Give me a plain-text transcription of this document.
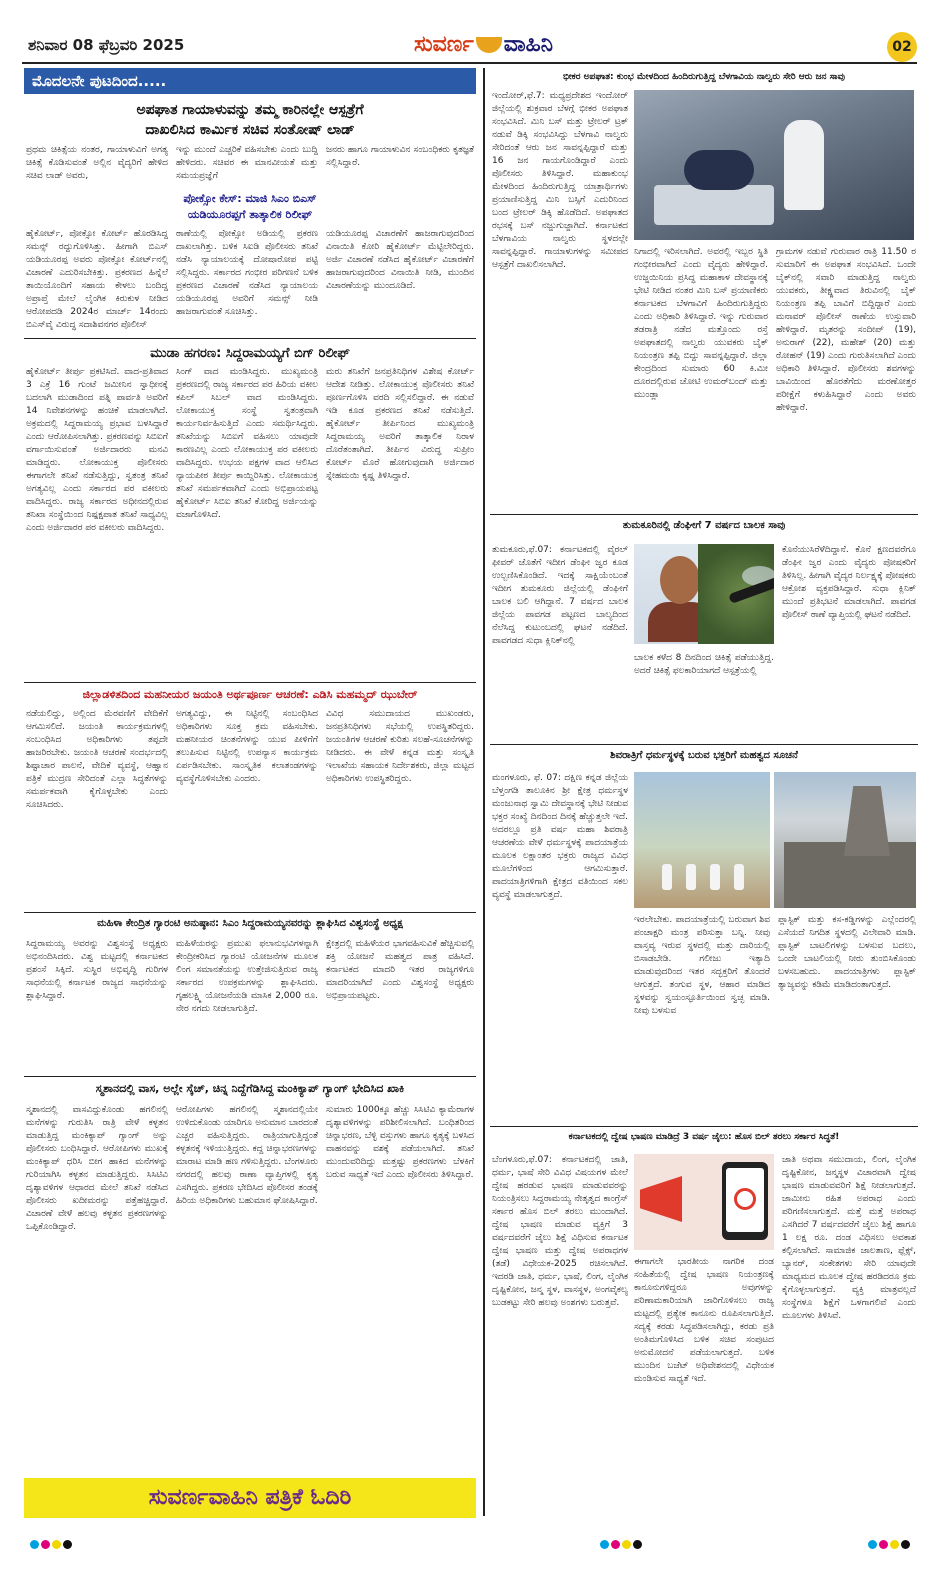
ಶನಿವಾರ 08 ಫೆಬ್ರವರಿ 2025	ಸುವರ್ಣ ವಾಹಿನಿ	02
ಮೊದಲನೇ ಪುಟದಿಂದ.....
ಅಪಘಾತ ಗಾಯಾಳುವನ್ನು ತಮ್ಮ ಕಾರಿನಲ್ಲೇ ಆಸ್ಪತ್ರೆಗೆ
ದಾಖಲಿಸಿದ ಕಾರ್ಮಿಕ ಸಚಿವ ಸಂತೋಷ್ ಲಾಡ್
ಪ್ರಥಮ ಚಿಕಿತ್ಸೆಯ ನಂತರ, ಗಾಯಾಳುವಿಗೆ ಅಗತ್ಯ ಚಿಕಿತ್ಸೆ ಕೊಡಿಸುವಂತೆ ಅಲ್ಲಿನ ವೈದ್ಯರಿಗೆ ಹೇಳಿದ ಸಚಿವ ಲಾಡ್ ಅವರು,
ಇನ್ನು ಮುಂದೆ ಎಚ್ಚರಿಕೆ ವಹಿಸಬೇಕು ಎಂದು ಬುದ್ದಿ ಹೇಳಿದರು. ಸಚಿವರ ಈ ಮಾನವೀಯತೆ ಮತ್ತು ಸಮಯಪ್ರಜ್ಞೆಗೆ
ಜನರು ಹಾಗೂ ಗಾಯಾಳುವಿನ ಸಂಬಂಧಿಕರು ಕೃತಜ್ಞತೆ ಸಲ್ಲಿಸಿದ್ದಾರೆ.
ಪೋಕ್ಸೋ ಕೇಸ್: ಮಾಜಿ ಸಿಎಂ ಬಿಎಸ್
ಯಡಿಯೂರಪ್ಪಗೆ ತಾತ್ಕಾಲಿಕ ರಿಲೀಫ್
ಹೈಕೋರ್ಟ್, ಪೋಕ್ಸೋ ಕೋರ್ಟ್ ಹೊರಡಿಸಿದ್ದ ಸಮನ್ಸ್ ರದ್ದುಗೊಳಿಸಿತ್ತು. ಹೀಗಾಗಿ ಬಿಎಸ್ ಯಡಿಯೂರಪ್ಪ ಅವರು ಪೋಕ್ಸೋ ಕೋರ್ಟ್‌ನಲ್ಲಿ ವಿಚಾರಣೆ ಎದುರಿಸಬೇಕಿತ್ತು. ಪ್ರಕರಣದ ಹಿನ್ನೆಲೆ ತಾಯಿಯೊಂದಿಗೆ ಸಹಾಯ ಕೇಳಲು ಬಂದಿದ್ದ ಅಪ್ರಾಪ್ತೆ ಮೇಲೆ ಲೈಂಗಿಕ ಕಿರುಕುಳ ನೀಡಿದ ಆರೋಪದಡಿ 2024ರ ಮಾರ್ಚ್ 14ರಂದು ಬಿಎಸ್‌ವೈ ವಿರುದ್ಧ ಸದಾಶಿವನಗರ ಪೊಲೀಸ್
ಠಾಣೆಯಲ್ಲಿ ಪೋಕ್ಸೋ ಅಡಿಯಲ್ಲಿ ಪ್ರಕರಣ ದಾಖಲಾಗಿತ್ತು. ಬಳಿಕ ಸಿಐಡಿ ಪೊಲೀಸರು ತನಿಖೆ ನಡೆಸಿ ನ್ಯಾಯಾಲಯಕ್ಕೆ ದೋಷಾರೋಪ ಪಟ್ಟಿ ಸಲ್ಲಿಸಿದ್ದರು. ಸರ್ಕಾರದ ಗಂಭೀರ ಪರಿಗಣನೆ ಬಳಿಕ ಪ್ರಕರಣದ ವಿಚಾರಣೆ ನಡೆಸಿದ ನ್ಯಾಯಾಲಯ ಯಡಿಯೂರಪ್ಪ ಅವರಿಗೆ ಸಮನ್ಸ್ ನೀಡಿ ಹಾಜರಾಗುವಂತೆ ಸೂಚಿಸಿತ್ತು.
ಯಡಿಯೂರಪ್ಪ ವಿಚಾರಣೆಗೆ ಹಾಜರಾಗುವುದರಿಂದ ವಿನಾಯಿತಿ ಕೋರಿ ಹೈಕೋರ್ಟ್ ಮೆಟ್ಟಿಲೇರಿದ್ದರು. ಅರ್ಜಿ ವಿಚಾರಣೆ ನಡೆಸಿದ ಹೈಕೋರ್ಟ್ ವಿಚಾರಣೆಗೆ ಹಾಜರಾಗುವುದರಿಂದ ವಿನಾಯಿತಿ ನೀಡಿ, ಮುಂದಿನ ವಿಚಾರಣೆಯನ್ನು ಮುಂದೂಡಿದೆ.
ಮುಡಾ ಹಗರಣ: ಸಿದ್ದರಾಮಯ್ಯಗೆ ಬಿಗ್ ರಿಲೀಫ್
ಹೈಕೋರ್ಟ್ ತೀರ್ಪು ಪ್ರಕಟಿಸಿದೆ. ವಾದ-ಪ್ರತಿವಾದ 3 ಎಕ್ರೆ 16 ಗುಂಟೆ ಜಮೀನಿನ ಸ್ವಾಧೀನಕ್ಕೆ ಬದಲಾಗಿ ಮುಡಾದಿಂದ ಪತ್ನಿ ಪಾರ್ವತಿ ಅವರಿಗೆ 14 ನಿವೇಶನಗಳನ್ನು ಹಂಚಿಕೆ ಮಾಡಲಾಗಿದೆ. ಅಕ್ರಮದಲ್ಲಿ ಸಿದ್ದರಾಮಯ್ಯ ಪ್ರಭಾವ ಬಳಸಿದ್ದಾರೆ ಎಂದು ಆರೋಪಿಸಲಾಗಿತ್ತು. ಪ್ರಕರಣವನ್ನು ಸಿಬಿಐಗೆ ವರ್ಗಾಯಿಸುವಂತೆ ಅರ್ಜಿದಾರರು ಮನವಿ ಮಾಡಿದ್ದರು. ಲೋಕಾಯುಕ್ತ ಪೊಲೀಸರು ಈಗಾಗಲೇ ತನಿಖೆ ನಡೆಸುತ್ತಿದ್ದು, ಸ್ವತಂತ್ರ ತನಿಖೆ ಅಗತ್ಯವಿಲ್ಲ ಎಂದು ಸರ್ಕಾರದ ಪರ ವಕೀಲರು ವಾದಿಸಿದ್ದರು. ರಾಜ್ಯ ಸರ್ಕಾರದ ಅಧೀನದಲ್ಲಿರುವ ತನಿಖಾ ಸಂಸ್ಥೆಯಿಂದ ನಿಷ್ಪಕ್ಷಪಾತ ತನಿಖೆ ಸಾಧ್ಯವಿಲ್ಲ ಎಂದು ಅರ್ಜಿದಾರರ ಪರ ವಕೀಲರು ವಾದಿಸಿದ್ದರು.
ಸಿಂಗ್ ವಾದ ಮಂಡಿಸಿದ್ದರು. ಮುಖ್ಯಮಂತ್ರಿ ಪ್ರಕರಣದಲ್ಲಿ ರಾಜ್ಯ ಸರ್ಕಾರದ ಪರ ಹಿರಿಯ ವಕೀಲ ಕಪಿಲ್ ಸಿಬಲ್ ವಾದ ಮಂಡಿಸಿದ್ದರು. ಲೋಕಾಯುಕ್ತ ಸಂಸ್ಥೆ ಸ್ವತಂತ್ರವಾಗಿ ಕಾರ್ಯನಿರ್ವಹಿಸುತ್ತಿದೆ ಎಂದು ಸಮರ್ಥಿಸಿದ್ದರು. ತನಿಖೆಯನ್ನು ಸಿಬಿಐಗೆ ವಹಿಸಲು ಯಾವುದೇ ಕಾರಣವಿಲ್ಲ ಎಂದು ಲೋಕಾಯುಕ್ತ ಪರ ವಕೀಲರು ವಾದಿಸಿದ್ದರು. ಉಭಯ ಪಕ್ಷಗಳ ವಾದ ಆಲಿಸಿದ ನ್ಯಾಯಪೀಠ ತೀರ್ಪು ಕಾಯ್ದಿರಿಸಿತ್ತು. ಲೋಕಾಯುಕ್ತ ತನಿಖೆ ಸಮರ್ಪಕವಾಗಿದೆ ಎಂದು ಅಭಿಪ್ರಾಯಪಟ್ಟ ಹೈಕೋರ್ಟ್ ಸಿಬಿಐ ತನಿಖೆ ಕೋರಿದ್ದ ಅರ್ಜಿಯನ್ನು ವಜಾಗೊಳಿಸಿದೆ.
ಮರು ತನಿಖೆಗೆ ಜನಪ್ರತಿನಿಧಿಗಳ ವಿಶೇಷ ಕೋರ್ಟ್ ಆದೇಶ ನೀಡಿತ್ತು. ಲೋಕಾಯುಕ್ತ ಪೊಲೀಸರು ತನಿಖೆ ಪೂರ್ಣಗೊಳಿಸಿ ವರದಿ ಸಲ್ಲಿಸಲಿದ್ದಾರೆ. ಈ ನಡುವೆ ಇಡಿ ಕೂಡ ಪ್ರಕರಣದ ತನಿಖೆ ನಡೆಸುತ್ತಿದೆ. ಹೈಕೋರ್ಟ್ ತೀರ್ಪಿನಿಂದ ಮುಖ್ಯಮಂತ್ರಿ ಸಿದ್ದರಾಮಯ್ಯ ಅವರಿಗೆ ತಾತ್ಕಾಲಿಕ ನಿರಾಳ ದೊರೆತಂತಾಗಿದೆ. ತೀರ್ಪಿನ ವಿರುದ್ಧ ಸುಪ್ರೀಂ ಕೋರ್ಟ್ ಮೊರೆ ಹೋಗುವುದಾಗಿ ಅರ್ಜಿದಾರ ಸ್ನೇಹಮಯಿ ಕೃಷ್ಣ ತಿಳಿಸಿದ್ದಾರೆ.
ಜಿಲ್ಲಾಡಳಿತದಿಂದ ಮಹನೀಯರ ಜಯಂತಿ ಅರ್ಥಪೂರ್ಣ ಆಚರಣೆ: ಎಡಿಸಿ ಮಹಮ್ಮದ್ ಝುಬೇರ್
ನಡೆಯಲಿದ್ದು, ಅಲ್ಲಿಂದ ಮೆರವಣಿಗೆ ವೇದಿಕೆಗೆ ಆಗಮಿಸಲಿದೆ. ಜಯಂತಿ ಕಾರ್ಯಕ್ರಮಗಳಲ್ಲಿ ಸಂಬಂಧಿಸಿದ ಅಧಿಕಾರಿಗಳು ತಪ್ಪದೇ ಹಾಜರಿರಬೇಕು. ಜಯಂತಿ ಆಚರಣೆ ಸಂದರ್ಭದಲ್ಲಿ ಶಿಷ್ಟಾಚಾರ ಪಾಲನೆ, ವೇದಿಕೆ ವ್ಯವಸ್ಥೆ, ಆಹ್ವಾನ ಪತ್ರಿಕೆ ಮುದ್ರಣ ಸೇರಿದಂತೆ ಎಲ್ಲಾ ಸಿದ್ಧತೆಗಳನ್ನು ಸಮರ್ಪಕವಾಗಿ ಕೈಗೊಳ್ಳಬೇಕು ಎಂದು ಸೂಚಿಸಿದರು.
ಅಗತ್ಯವಿದ್ದು, ಈ ನಿಟ್ಟಿನಲ್ಲಿ ಸಂಬಂಧಿಸಿದ ಅಧಿಕಾರಿಗಳು ಸೂಕ್ತ ಕ್ರಮ ವಹಿಸಬೇಕು. ಮಹನೀಯರ ಚಿಂತನೆಗಳನ್ನು ಯುವ ಪೀಳಿಗೆಗೆ ತಲುಪಿಸುವ ನಿಟ್ಟಿನಲ್ಲಿ ಉಪನ್ಯಾಸ ಕಾರ್ಯಕ್ರಮ ಏರ್ಪಡಿಸಬೇಕು. ಸಾಂಸ್ಕೃತಿಕ ಕಲಾತಂಡಗಳನ್ನು ವ್ಯವಸ್ಥೆಗೊಳಿಸಬೇಕು ಎಂದರು.
ವಿವಿಧ ಸಮುದಾಯದ ಮುಖಂಡರು, ಜನಪ್ರತಿನಿಧಿಗಳು ಸಭೆಯಲ್ಲಿ ಉಪಸ್ಥಿತರಿದ್ದರು. ಜಯಂತಿಗಳ ಆಚರಣೆ ಕುರಿತು ಸಲಹೆ-ಸೂಚನೆಗಳನ್ನು ನೀಡಿದರು. ಈ ವೇಳೆ ಕನ್ನಡ ಮತ್ತು ಸಂಸ್ಕೃತಿ ಇಲಾಖೆಯ ಸಹಾಯಕ ನಿರ್ದೇಶಕರು, ಜಿಲ್ಲಾ ಮಟ್ಟದ ಅಧಿಕಾರಿಗಳು ಉಪಸ್ಥಿತರಿದ್ದರು.
ಮಹಿಳಾ ಕೇಂದ್ರಿತ ಗ್ಯಾರಂಟಿ ಅನುಷ್ಠಾನ: ಸಿಎಂ ಸಿದ್ದರಾಮಯ್ಯನವರನ್ನು ಶ್ಲಾಘಿಸಿದ ವಿಶ್ವಸಂಸ್ಥೆ ಅಧ್ಯಕ್ಷ
ಸಿದ್ದರಾಮಯ್ಯ ಅವರನ್ನು ವಿಶ್ವಸಂಸ್ಥೆ ಅಧ್ಯಕ್ಷರು ಅಭಿನಂದಿಸಿದರು. ವಿಶ್ವ ಮಟ್ಟದಲ್ಲಿ ಕರ್ನಾಟಕದ ಪ್ರಶಂಸೆ ಸಿಕ್ಕಿದೆ. ಸುಸ್ಥಿರ ಅಭಿವೃದ್ಧಿ ಗುರಿಗಳ ಸಾಧನೆಯಲ್ಲಿ ಕರ್ನಾಟಕ ರಾಜ್ಯದ ಸಾಧನೆಯನ್ನು ಶ್ಲಾಘಿಸಿದ್ದಾರೆ.
ಮಹಿಳೆಯರನ್ನು ಪ್ರಮುಖ ಫಲಾನುಭವಿಗಳನ್ನಾಗಿ ಕೇಂದ್ರೀಕರಿಸಿದ ಗ್ಯಾರಂಟಿ ಯೋಜನೆಗಳ ಮೂಲಕ ಲಿಂಗ ಸಮಾನತೆಯನ್ನು ಉತ್ತೇಜಿಸುತ್ತಿರುವ ರಾಜ್ಯ ಸರ್ಕಾರದ ಉಪಕ್ರಮಗಳನ್ನು ಶ್ಲಾಘಿಸಿದರು. ಗೃಹಲಕ್ಷ್ಮಿ ಯೋಜನೆಯಡಿ ಮಾಸಿಕ 2,000 ರೂ. ನೇರ ನಗದು ನೀಡಲಾಗುತ್ತಿದೆ.
ಕ್ಷೇತ್ರದಲ್ಲಿ ಮಹಿಳೆಯರ ಭಾಗವಹಿಸುವಿಕೆ ಹೆಚ್ಚಿಸುವಲ್ಲಿ ಶಕ್ತಿ ಯೋಜನೆ ಮಹತ್ವದ ಪಾತ್ರ ವಹಿಸಿದೆ. ಕರ್ನಾಟಕದ ಮಾದರಿ ಇತರ ರಾಜ್ಯಗಳಿಗೂ ಮಾದರಿಯಾಗಿದೆ ಎಂದು ವಿಶ್ವಸಂಸ್ಥೆ ಅಧ್ಯಕ್ಷರು ಅಭಿಪ್ರಾಯಪಟ್ಟರು.
ಸ್ಮಶಾನದಲ್ಲಿ ವಾಸ, ಅಲ್ಲೇ ಸ್ಕೆಚ್, ಚಿನ್ನ ನಿದ್ದೆಗೆಡಿಸಿದ್ದ ಮಂಕಿಕ್ಯಾಪ್ ಗ್ಯಾಂಗ್ ಭೇದಿಸಿದ ಖಾಕಿ
ಸ್ಮಶಾನದಲ್ಲಿ ವಾಸವಿದ್ದುಕೊಂಡು ಹಗಲಿನಲ್ಲಿ ಮನೆಗಳನ್ನು ಗುರುತಿಸಿ ರಾತ್ರಿ ವೇಳೆ ಕಳ್ಳತನ ಮಾಡುತ್ತಿದ್ದ ಮಂಕಿಕ್ಯಾಪ್ ಗ್ಯಾಂಗ್ ಅನ್ನು ಪೊಲೀಸರು ಬಂಧಿಸಿದ್ದಾರೆ. ಆರೋಪಿಗಳು ಮುಖಕ್ಕೆ ಮಂಕಿಕ್ಯಾಪ್ ಧರಿಸಿ ಬೀಗ ಹಾಕಿದ ಮನೆಗಳನ್ನು ಗುರಿಯಾಗಿಸಿ ಕಳ್ಳತನ ಮಾಡುತ್ತಿದ್ದರು. ಸಿಸಿಟಿವಿ ದೃಶ್ಯಾವಳಿಗಳ ಆಧಾರದ ಮೇಲೆ ತನಿಖೆ ನಡೆಸಿದ ಪೊಲೀಸರು ಖದೀಮರನ್ನು ಪತ್ತೆಹಚ್ಚಿದ್ದಾರೆ. ವಿಚಾರಣೆ ವೇಳೆ ಹಲವು ಕಳ್ಳತನ ಪ್ರಕರಣಗಳನ್ನು ಒಪ್ಪಿಕೊಂಡಿದ್ದಾರೆ.
ಆರೋಪಿಗಳು ಹಗಲಿನಲ್ಲಿ ಸ್ಮಶಾನದಲ್ಲಿಯೇ ಉಳಿದುಕೊಂಡು ಯಾರಿಗೂ ಅನುಮಾನ ಬಾರದಂತೆ ಎಚ್ಚರ ವಹಿಸುತ್ತಿದ್ದರು. ರಾತ್ರಿಯಾಗುತ್ತಿದ್ದಂತೆ ಕಳ್ಳತನಕ್ಕೆ ಇಳಿಯುತ್ತಿದ್ದರು. ಕದ್ದ ಚಿನ್ನಾಭರಣಗಳನ್ನು ಮಾರಾಟ ಮಾಡಿ ಹಣ ಗಳಿಸುತ್ತಿದ್ದರು. ಬೆಂಗಳೂರು ನಗರದಲ್ಲಿ ಹಲವು ಠಾಣಾ ವ್ಯಾಪ್ತಿಗಳಲ್ಲಿ ಕೃತ್ಯ ಎಸಗಿದ್ದರು. ಪ್ರಕರಣ ಭೇದಿಸಿದ ಪೊಲೀಸರ ತಂಡಕ್ಕೆ ಹಿರಿಯ ಅಧಿಕಾರಿಗಳು ಬಹುಮಾನ ಘೋಷಿಸಿದ್ದಾರೆ.
ಸುಮಾರು 1000ಕ್ಕೂ ಹೆಚ್ಚು ಸಿಸಿಟಿವಿ ಕ್ಯಾಮೆರಾಗಳ ದೃಶ್ಯಾವಳಿಗಳನ್ನು ಪರಿಶೀಲಿಸಲಾಗಿದೆ. ಬಂಧಿತರಿಂದ ಚಿನ್ನಾಭರಣ, ಬೆಳ್ಳಿ ವಸ್ತುಗಳು ಹಾಗೂ ಕೃತ್ಯಕ್ಕೆ ಬಳಸಿದ ವಾಹನವನ್ನು ವಶಕ್ಕೆ ಪಡೆಯಲಾಗಿದೆ. ತನಿಖೆ ಮುಂದುವರಿದಿದ್ದು ಮತ್ತಷ್ಟು ಪ್ರಕರಣಗಳು ಬೆಳಕಿಗೆ ಬರುವ ಸಾಧ್ಯತೆ ಇದೆ ಎಂದು ಪೊಲೀಸರು ತಿಳಿಸಿದ್ದಾರೆ.
ಸುವರ್ಣವಾಹಿನಿ ಪತ್ರಿಕೆ ಓದಿರಿ
ಭೀಕರ ಅಪಘಾತ: ಕುಂಭ ಮೇಳದಿಂದ ಹಿಂದಿರುಗುತ್ತಿದ್ದ ಬೆಳಗಾವಿಯ ನಾಲ್ವರು ಸೇರಿ ಆರು ಜನ ಸಾವು
ಇಂದೋರ್,ಫೆ.7: ಮಧ್ಯಪ್ರದೇಶದ ಇಂದೋರ್ ಜಿಲ್ಲೆಯಲ್ಲಿ ಶುಕ್ರವಾರ ಬೆಳಗ್ಗೆ ಭೀಕರ ಅಪಘಾತ ಸಂಭವಿಸಿದೆ. ಮಿನಿ ಬಸ್ ಮತ್ತು ಟ್ರೇಲರ್ ಟ್ರಕ್ ನಡುವೆ ಡಿಕ್ಕಿ ಸಂಭವಿಸಿದ್ದು ಬೆಳಗಾವಿ ನಾಲ್ವರು ಸೇರಿದಂತೆ ಆರು ಜನ ಸಾವನ್ನಪ್ಪಿದ್ದಾರೆ ಮತ್ತು 16 ಜನ ಗಾಯಗೊಂಡಿದ್ದಾರೆ ಎಂದು ಪೊಲೀಸರು ತಿಳಿಸಿದ್ದಾರೆ. ಮಹಾಕುಂಭ ಮೇಳದಿಂದ ಹಿಂದಿರುಗುತ್ತಿದ್ದ ಯಾತ್ರಾರ್ಥಿಗಳು ಪ್ರಯಾಣಿಸುತ್ತಿದ್ದ ಮಿನಿ ಬಸ್ಸಿಗೆ ಎದುರಿನಿಂದ ಬಂದ ಟ್ರೇಲರ್ ಡಿಕ್ಕಿ ಹೊಡೆದಿದೆ. ಅಪಘಾತದ ರಭಸಕ್ಕೆ ಬಸ್ ನಜ್ಜುಗುಜ್ಜಾಗಿದೆ. ಕರ್ನಾಟಕದ ಬೆಳಗಾವಿಯ ನಾಲ್ವರು ಸ್ಥಳದಲ್ಲೇ ಸಾವನ್ನಪ್ಪಿದ್ದಾರೆ. ಗಾಯಾಳುಗಳನ್ನು ಸಮೀಪದ ಆಸ್ಪತ್ರೆಗೆ ದಾಖಲಿಸಲಾಗಿದೆ.
ನಿಗಾದಲ್ಲಿ ಇರಿಸಲಾಗಿದೆ. ಅವರಲ್ಲಿ ಇಬ್ಬರ ಸ್ಥಿತಿ ಗಂಭೀರವಾಗಿದೆ ಎಂದು ವೈದ್ಯರು ಹೇಳಿದ್ದಾರೆ. ಉಜ್ಜಯಿನಿಯ ಪ್ರಸಿದ್ಧ ಮಹಾಕಾಳ ದೇವಸ್ಥಾನಕ್ಕೆ ಭೇಟಿ ನೀಡಿದ ನಂತರ ಮಿನಿ ಬಸ್ ಪ್ರಯಾಣಿಕರು ಕರ್ನಾಟಕದ ಬೆಳಗಾವಿಗೆ ಹಿಂದಿರುಗುತ್ತಿದ್ದರು ಎಂದು ಅಧಿಕಾರಿ ತಿಳಿಸಿದ್ದಾರೆ. ಇನ್ನು ಗುರುವಾರ ತಡರಾತ್ರಿ ನಡೆದ ಮತ್ತೊಂದು ರಸ್ತೆ ಅಪಘಾತದಲ್ಲಿ ನಾಲ್ವರು ಯುವಕರು ಬೈಕ್ ನಿಯಂತ್ರಣ ತಪ್ಪಿ ಬಿದ್ದು ಸಾವನ್ನಪ್ಪಿದ್ದಾರೆ. ಜಿಲ್ಲಾ ಕೇಂದ್ರದಿಂದ ಸುಮಾರು 60 ಕಿ.ಮೀ ದೂರದಲ್ಲಿರುವ ಚೋಟಿ ಉಮರ್‌ಬಂದ್ ಮತ್ತು ಮುಂಡ್ಲಾ
ಗ್ರಾಮಗಳ ನಡುವೆ ಗುರುವಾರ ರಾತ್ರಿ 11.50 ರ ಸುಮಾರಿಗೆ ಈ ಅಪಘಾತ ಸಂಭವಿಸಿದೆ. ಒಂದೇ ಬೈಕ್‌ನಲ್ಲಿ ಸವಾರಿ ಮಾಡುತ್ತಿದ್ದ ನಾಲ್ವರು ಯುವಕರು, ತೀಕ್ಷ್ಣವಾದ ತಿರುವಿನಲ್ಲಿ ಬೈಕ್ ನಿಯಂತ್ರಣ ತಪ್ಪಿ ಬಾವಿಗೆ ಬಿದ್ದಿದ್ದಾರೆ ಎಂದು ಮನಾವರ್ ಪೊಲೀಸ್ ಠಾಣೆಯ ಉಸ್ತುವಾರಿ ಹೇಳಿದ್ದಾರೆ. ಮೃತರನ್ನು ಸಂದೀಪ್ (19), ಅನುರಾಗ್ (22), ಮಹೇಶ್ (20) ಮತ್ತು ರೋಹನ್ (19) ಎಂದು ಗುರುತಿಸಲಾಗಿದೆ ಎಂದು ಅಧಿಕಾರಿ ತಿಳಿಸಿದ್ದಾರೆ. ಪೊಲೀಸರು ಶವಗಳನ್ನು ಬಾವಿಯಿಂದ ಹೊರತೆಗೆದು ಮರಣೋತ್ತರ ಪರೀಕ್ಷೆಗೆ ಕಳುಹಿಸಿದ್ದಾರೆ ಎಂದು ಅವರು ಹೇಳಿದ್ದಾರೆ.
ತುಮಕೂರಿನಲ್ಲಿ ಡೆಂಘೀಗೆ 7 ವರ್ಷದ ಬಾಲಕ ಸಾವು
ತುಮಕೂರು,ಫೆ.07: ಕರ್ನಾಟಕದಲ್ಲಿ ವೈರಲ್ ಫೀವರ್ ಜೊತೆಗೆ ಇದೀಗ ಡೆಂಘೀ ಜ್ವರ ಕೂಡ ಉಲ್ಬಣಿಸಿಕೊಂಡಿದೆ. ಇದಕ್ಕೆ ಸಾಕ್ಷಿಯೆಂಬಂತೆ ಇದೀಗ ತುಮಕೂರು ಜಿಲ್ಲೆಯಲ್ಲಿ ಡೆಂಘೀಗೆ ಬಾಲಕ ಬಲಿ ಆಗಿದ್ದಾನೆ. 7 ವರ್ಷದ ಬಾಲಕ ಜಿಲ್ಲೆಯ ಪಾವಗಡ ಪಟ್ಟಣದ ಬಾಲ್ಯದಿಂದ ನೆಲೆಸಿದ್ದ ಕುಟುಂಬದಲ್ಲಿ ಘಟನೆ ನಡೆದಿದೆ. ಪಾವಗಡದ ಸುಧಾ ಕ್ಲಿನಿಕ್‌ನಲ್ಲಿ
ಬಾಲಕ ಕಳೆದ 8 ದಿನದಿಂದ ಚಿಕಿತ್ಸೆ ಪಡೆಯುತ್ತಿದ್ದ. ಅದರೆ ಚಿಕಿತ್ಸೆ ಫಲಕಾರಿಯಾಗದೆ ಆಸ್ಪತ್ರೆಯಲ್ಲಿ
ಕೊನೆಯುಸಿರೆಳೆದಿದ್ದಾನೆ. ಕೊನೆ ಕ್ಷಣದವರೆಗೂ ಡೆಂಘೀ ಜ್ವರ ಎಂದು ವೈದ್ಯರು ಪೋಷಕರಿಗೆ ತಿಳಿಸಿಲ್ಲ. ಹೀಗಾಗಿ ವೈದ್ಯರ ನಿರ್ಲಕ್ಷ್ಯಕ್ಕೆ ಪೋಷಕರು ಆಕ್ರೋಶ ವ್ಯಕ್ತಪಡಿಸಿದ್ದಾರೆ. ಸುಧಾ ಕ್ಲಿನಿಕ್ ಮುಂದೆ ಪ್ರತಿಭಟನೆ ಮಾಡಲಾಗಿದೆ. ಪಾವಗಡ ಪೊಲೀಸ್ ಠಾಣೆ ವ್ಯಾಪ್ತಿಯಲ್ಲಿ ಘಟನೆ ನಡೆದಿದೆ.
ಶಿವರಾತ್ರಿಗೆ ಧರ್ಮಸ್ಥಳಕ್ಕೆ ಬರುವ ಭಕ್ತರಿಗೆ ಮಹತ್ವದ ಸೂಚನೆ
ಮಂಗಳೂರು, ಫೆ. 07: ದಕ್ಷಿಣ ಕನ್ನಡ ಜಿಲ್ಲೆಯ ಬೆಳ್ತಂಗಡಿ ತಾಲೂಕಿನ ಶ್ರೀ ಕ್ಷೇತ್ರ ಧರ್ಮಸ್ಥಳ ಮಂಜುನಾಥ ಸ್ವಾಮಿ ದೇವಸ್ಥಾನಕ್ಕೆ ಭೇಟಿ ನೀಡುವ ಭಕ್ತರ ಸಂಖ್ಯೆ ದಿನದಿಂದ ದಿನಕ್ಕೆ ಹೆಚ್ಚುತ್ತಲೇ ಇದೆ. ಅದರಲ್ಲೂ ಪ್ರತಿ ವರ್ಷ ಮಹಾ ಶಿವರಾತ್ರಿ ಆಚರಣೆಯ ವೇಳೆ ಧರ್ಮಸ್ಥಳಕ್ಕೆ ಪಾದಯಾತ್ರೆಯ ಮೂಲಕ ಲಕ್ಷಾಂತರ ಭಕ್ತರು ರಾಜ್ಯದ ವಿವಿಧ ಮೂಲೆಗಳಿಂದ ಆಗಮಿಸುತ್ತಾರೆ. ಪಾದಯಾತ್ರಿಗಳಿಗಾಗಿ ಕ್ಷೇತ್ರದ ವತಿಯಿಂದ ಸಕಲ ವ್ಯವಸ್ಥೆ ಮಾಡಲಾಗುತ್ತದೆ.
ಇರಲೇಬೇಕು. ಪಾದಯಾತ್ರೆಯಲ್ಲಿ ಬರುವಾಗ ಶಿವ ಪಂಚಾಕ್ಷರಿ ಮಂತ್ರ ಪಠಿಸುತ್ತಾ ಬನ್ನಿ. ನೀವು ವಾಸ್ತವ್ಯ ಇರುವ ಸ್ಥಳದಲ್ಲಿ ಮತ್ತು ದಾರಿಯಲ್ಲಿ ಬಿಸಾಡಬೇಡಿ. ಗಲೀಜು ಇತ್ಯಾದಿ ಮಾಡುವುದರಿಂದ ಇತರ ಸದ್ಭಕ್ತರಿಗೆ ತೊಂದರೆ ಆಗುತ್ತದೆ. ತಂಗುವ ಸ್ಥಳ, ಆಹಾರ ಮಾಡಿದ ಸ್ಥಳವನ್ನು ಸ್ವಯಂಸ್ಫೂರ್ತಿಯಿಂದ ಸ್ವಚ್ಛ ಮಾಡಿ. ನೀವು ಬಳಸುವ
ಪ್ಲಾಸ್ಟಿಕ್ ಮತ್ತು ಕಸ-ಕಡ್ಡಿಗಳನ್ನು ಎಲ್ಲೆಂದರಲ್ಲಿ ಎಸೆಯದೆ ನಿಗದಿತ ಸ್ಥಳದಲ್ಲಿ ವಿಲೇವಾರಿ ಮಾಡಿ. ಪ್ಲಾಸ್ಟಿಕ್ ಬಾಟಲಿಗಳನ್ನು ಬಳಸುವ ಬದಲು, ಒಂದೇ ಬಾಟಲಿಯಲ್ಲಿ ನೀರು ತುಂಬಿಸಿಕೊಂಡು ಬಳಸಬಹುದು. ಪಾದಯಾತ್ರಿಗಳು ಪ್ಲಾಸ್ಟಿಕ್ ತ್ಯಾಜ್ಯವನ್ನು ಕಡಿಮೆ ಮಾಡಿದಂತಾಗುತ್ತದೆ.
ಕರ್ನಾಟಕದಲ್ಲಿ ದ್ವೇಷ ಭಾಷಣ ಮಾಡಿದ್ರೆ 3 ವರ್ಷ ಜೈಲು: ಹೊಸ ಬಿಲ್ ತರಲು ಸರ್ಕಾರ ಸಿದ್ಧತೆ!
ಬೆಂಗಳೂರು,ಫೆ.07: ಕರ್ನಾಟಕದಲ್ಲಿ ಜಾತಿ, ಧರ್ಮ, ಭಾಷೆ ಸೇರಿ ವಿವಿಧ ವಿಷಯಗಳ ಮೇಲೆ ದ್ವೇಷ ಹರಡುವ ಭಾಷಣ ಮಾಡುವವರನ್ನು ನಿಯಂತ್ರಿಸಲು ಸಿದ್ದರಾಮಯ್ಯ ನೇತೃತ್ವದ ಕಾಂಗ್ರೆಸ್ ಸರ್ಕಾರ ಹೊಸ ಬಿಲ್ ತರಲು ಮುಂದಾಗಿದೆ. ದ್ವೇಷ ಭಾಷಣ ಮಾಡುವ ವ್ಯಕ್ತಿಗೆ 3 ವರ್ಷದವರೆಗೆ ಜೈಲು ಶಿಕ್ಷೆ ವಿಧಿಸುವ ಕರ್ನಾಟಕ ದ್ವೇಷ ಭಾಷಣ ಮತ್ತು ದ್ವೇಷ ಅಪರಾಧಗಳ (ತಡೆ) ವಿಧೇಯಕ-2025 ರಚಿಸಲಾಗಿದೆ. ಇದರಡಿ ಜಾತಿ, ಧರ್ಮ, ಭಾಷೆ, ಲಿಂಗ, ಲೈಂಗಿಕ ದೃಷ್ಟಿಕೋನ, ಜನ್ಮ ಸ್ಥಳ, ವಾಸಸ್ಥಳ, ಅಂಗವೈಕಲ್ಯ ಬುಡಕಟ್ಟು ಸೇರಿ ಹಲವು ಅಂಶಗಳು ಬರುತ್ತವೆ.
ಈಗಾಗಲೇ ಭಾರತೀಯ ನಾಗರಿಕ ದಂಡ ಸಂಹಿತೆಯಲ್ಲಿ ದ್ವೇಷ ಭಾಷಣ ನಿಯಂತ್ರಣಕ್ಕೆ ಕಾನೂನುಗಳಿದ್ದರೂ ಅವುಗಳನ್ನು ಪರಿಣಾಮಕಾರಿಯಾಗಿ ಜಾರಿಗೊಳಿಸಲು ರಾಜ್ಯ ಮಟ್ಟದಲ್ಲಿ ಪ್ರತ್ಯೇಕ ಕಾನೂನು ರೂಪಿಸಲಾಗುತ್ತಿದೆ. ಸದ್ಯಕ್ಕೆ ಕರಡು ಸಿದ್ಧಪಡಿಸಲಾಗಿದ್ದು, ಕರಡು ಪ್ರತಿ ಅಂತಿಮಗೊಳಿಸಿದ ಬಳಿಕ ಸಚಿವ ಸಂಪುಟದ ಅನುಮೋದನೆ ಪಡೆಯಲಾಗುತ್ತದೆ. ಬಳಿಕ ಮುಂದಿನ ಬಜೆಟ್ ಅಧಿವೇಶನದಲ್ಲಿ ವಿಧೇಯಕ ಮಂಡಿಸುವ ಸಾಧ್ಯತೆ ಇದೆ.
ಜಾತಿ ಅಥವಾ ಸಮುದಾಯ, ಲಿಂಗ, ಲೈಂಗಿಕ ದೃಷ್ಟಿಕೋನ, ಜನ್ಮಸ್ಥಳ ವಿಚಾರವಾಗಿ ದ್ವೇಷ ಭಾಷಣ ಮಾಡುವವರಿಗೆ ಶಿಕ್ಷೆ ನೀಡಲಾಗುತ್ತದೆ. ಜಾಮೀನು ರಹಿತ ಅಪರಾಧ ಎಂದು ಪರಿಗಣಿಸಲಾಗುತ್ತದೆ. ಮತ್ತೆ ಮತ್ತೆ ಅಪರಾಧ ಎಸಗಿದರೆ 7 ವರ್ಷದವರೆಗೆ ಜೈಲು ಶಿಕ್ಷೆ ಹಾಗೂ 1 ಲಕ್ಷ ರೂ. ದಂಡ ವಿಧಿಸಲು ಅವಕಾಶ ಕಲ್ಪಿಸಲಾಗಿದೆ. ಸಾಮಾಜಿಕ ಜಾಲತಾಣ, ಫ್ಲೆಕ್ಸ್, ಬ್ಯಾನರ್, ಸಂಕೇತಗಳು ಸೇರಿ ಯಾವುದೇ ಮಾಧ್ಯಮದ ಮೂಲಕ ದ್ವೇಷ ಹರಡಿದರೂ ಕ್ರಮ ಕೈಗೊಳ್ಳಲಾಗುತ್ತದೆ. ವ್ಯಕ್ತಿ ಮಾತ್ರವಲ್ಲದೆ ಸಂಸ್ಥೆಗಳೂ ಶಿಕ್ಷೆಗೆ ಒಳಗಾಗಲಿವೆ ಎಂದು ಮೂಲಗಳು ತಿಳಿಸಿವೆ.
